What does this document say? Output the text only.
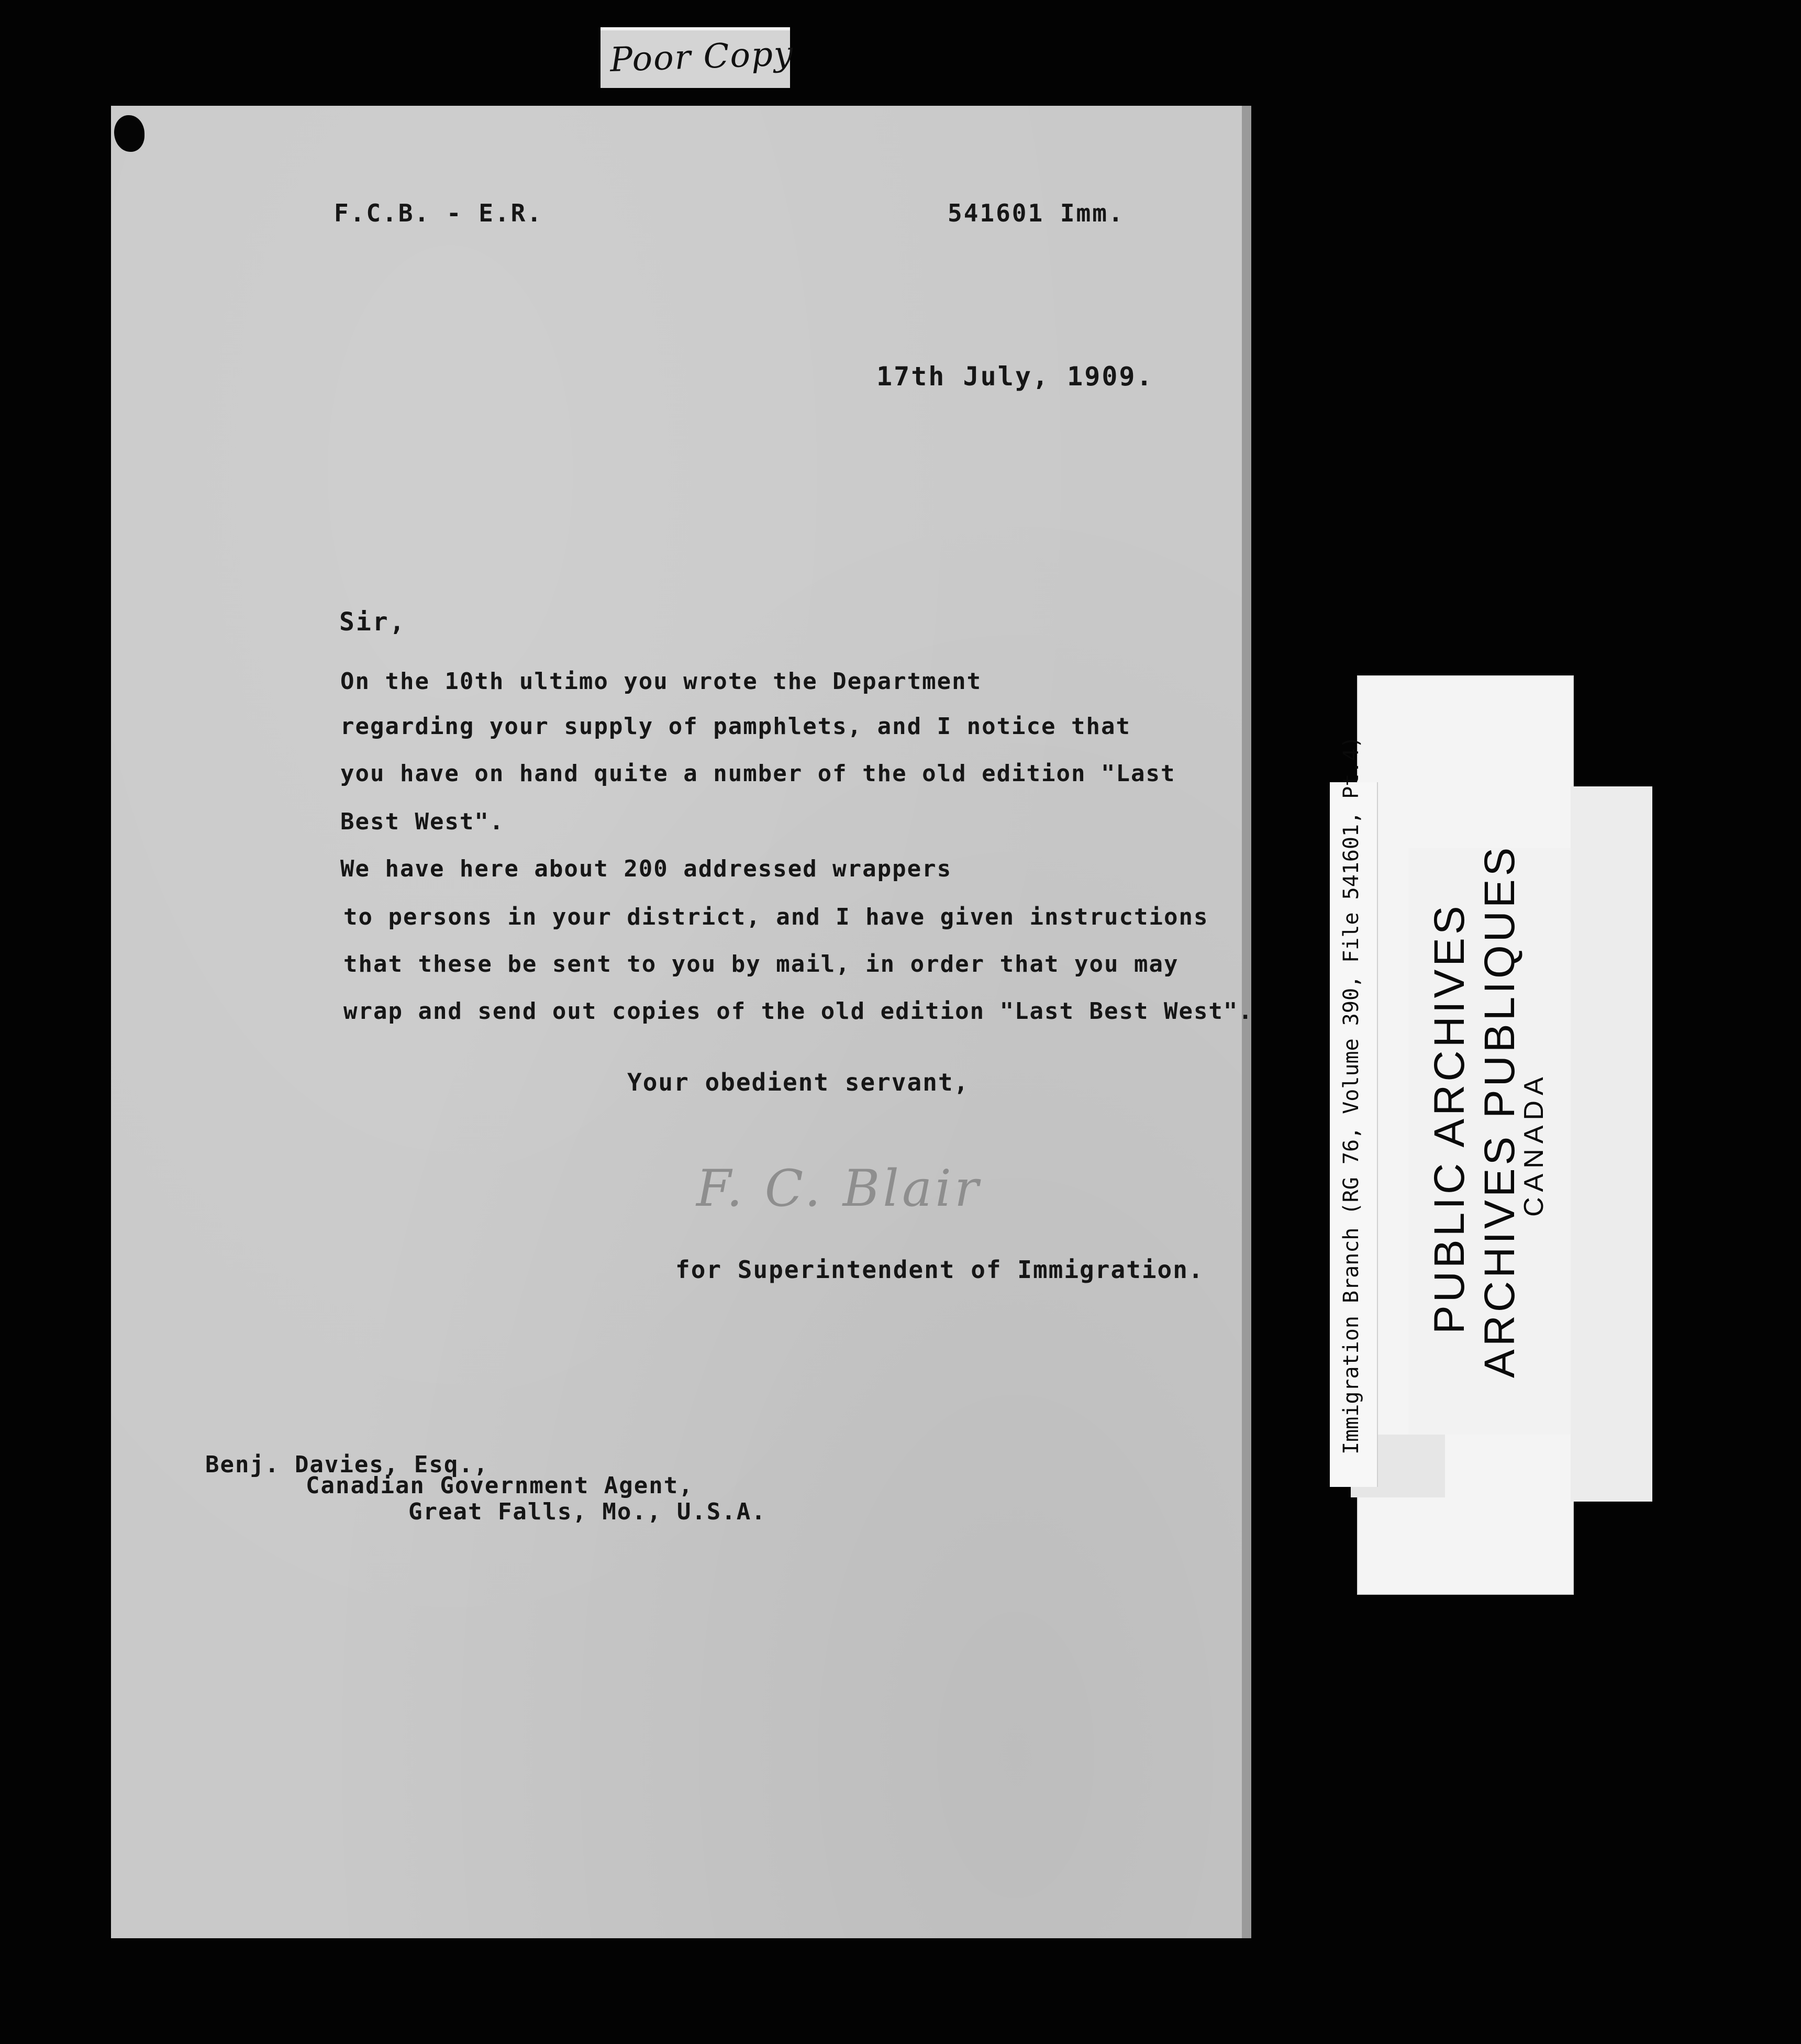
Poor Copy
F.C.B. - E.R.	541601 Imm.
17th July, 1909.
Sir,
On the 10th ultimo you wrote the Department
regarding your supply of pamphlets, and I notice that
you have on hand quite a number of the old edition "Last
Best West".
We have here about 200 addressed wrappers
to persons in your district, and I have given instructions
that these be sent to you by mail, in order that you may
wrap and send out copies of the old edition "Last Best West".
Your obedient servant,
F. C. Blair
for Superintendent of Immigration.
Benj. Davies, Esq.,
Canadian Government Agent,
Great Falls, Mo., U.S.A.
Immigration Branch (RG 76, Volume 390, File 541601, Pt.4) PUBLIC ARCHIVES ARCHIVES PUBLIQUES
CANADA
